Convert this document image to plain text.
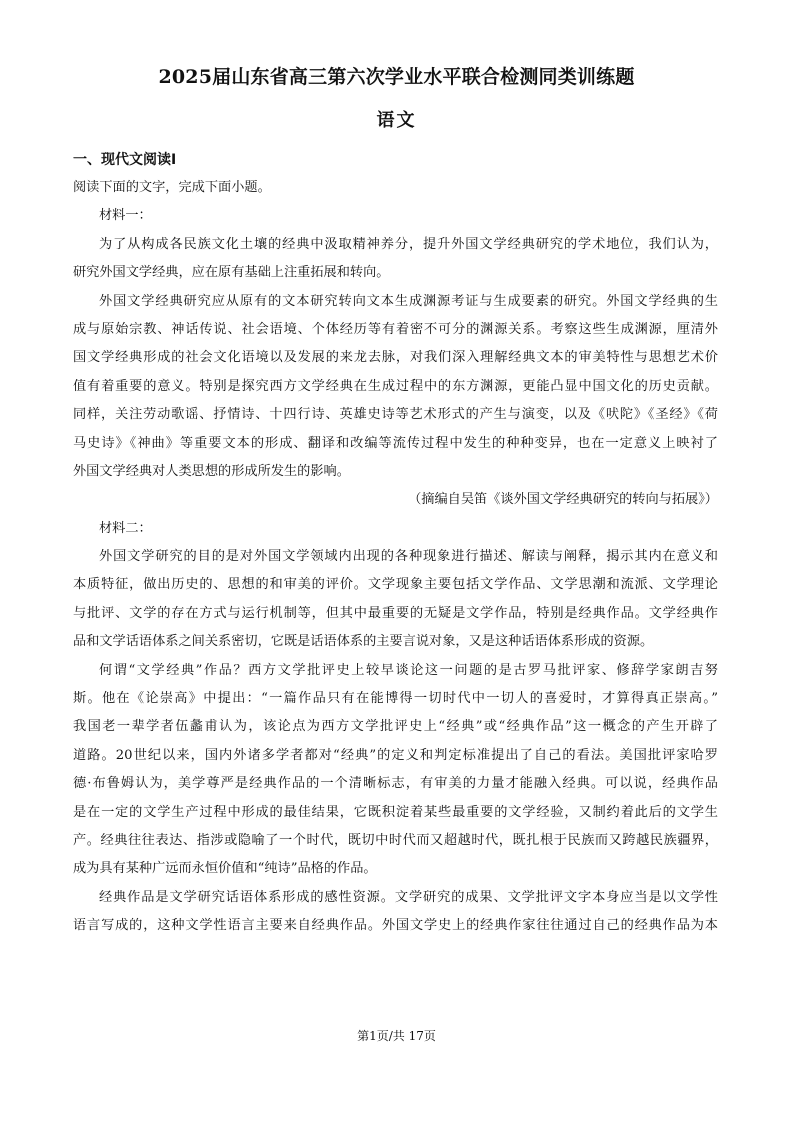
2025届山东省高三第六次学业水平联合检测同类训练题
语文
一、现代文阅读Ⅰ
阅读下面的文字，完成下面小题。
材料一：
为了从构成各民族文化土壤的经典中汲取精神养分，提升外国文学经典研究的学术地位，我们认为，
研究外国文学经典，应在原有基础上注重拓展和转向。
外国文学经典研究应从原有的文本研究转向文本生成渊源考证与生成要素的研究。外国文学经典的生
成与原始宗教、神话传说、社会语境、个体经历等有着密不可分的渊源关系。考察这些生成渊源，厘清外
国文学经典形成的社会文化语境以及发展的来龙去脉，对我们深入理解经典文本的审美特性与思想艺术价
值有着重要的意义。特别是探究西方文学经典在生成过程中的东方渊源，更能凸显中国文化的历史贡献。
同样，关注劳动歌谣、抒情诗、十四行诗、英雄史诗等艺术形式的产生与演变，以及《吠陀》《圣经》《荷
马史诗》《神曲》等重要文本的形成、翻译和改编等流传过程中发生的种种变异，也在一定意义上映衬了
外国文学经典对人类思想的形成所发生的影响。
（摘编自吴笛《谈外国文学经典研究的转向与拓展》）
材料二：
外国文学研究的目的是对外国文学领域内出现的各种现象进行描述、解读与阐释，揭示其内在意义和
本质特征，做出历史的、思想的和审美的评价。文学现象主要包括文学作品、文学思潮和流派、文学理论
与批评、文学的存在方式与运行机制等，但其中最重要的无疑是文学作品，特别是经典作品。文学经典作
品和文学话语体系之间关系密切，它既是话语体系的主要言说对象，又是这种话语体系形成的资源。
何谓“文学经典”作品？西方文学批评史上较早谈论这一问题的是古罗马批评家、修辞学家朗吉努
斯。他在《论崇高》中提出：“一篇作品只有在能博得一切时代中一切人的喜爱时，才算得真正崇高。”
我国老一辈学者伍蠡甫认为，该论点为西方文学批评史上“经典”或“经典作品”这一概念的产生开辟了
道路。20世纪以来，国内外诸多学者都对“经典”的定义和判定标准提出了自己的看法。美国批评家哈罗
德·布鲁姆认为，美学尊严是经典作品的一个清晰标志，有审美的力量才能融入经典。可以说，经典作品
是在一定的文学生产过程中形成的最佳结果，它既积淀着某些最重要的文学经验，又制约着此后的文学生
产。经典往往表达、指涉或隐喻了一个时代，既切中时代而又超越时代，既扎根于民族而又跨越民族疆界，
成为具有某种广远而永恒价值和“纯诗”品格的作品。
经典作品是文学研究话语体系形成的感性资源。文学研究的成果、文学批评文字本身应当是以文学性
语言写成的，这种文学性语言主要来自经典作品。外国文学史上的经典作家往往通过自己的经典作品为本
第1页/共 17页
